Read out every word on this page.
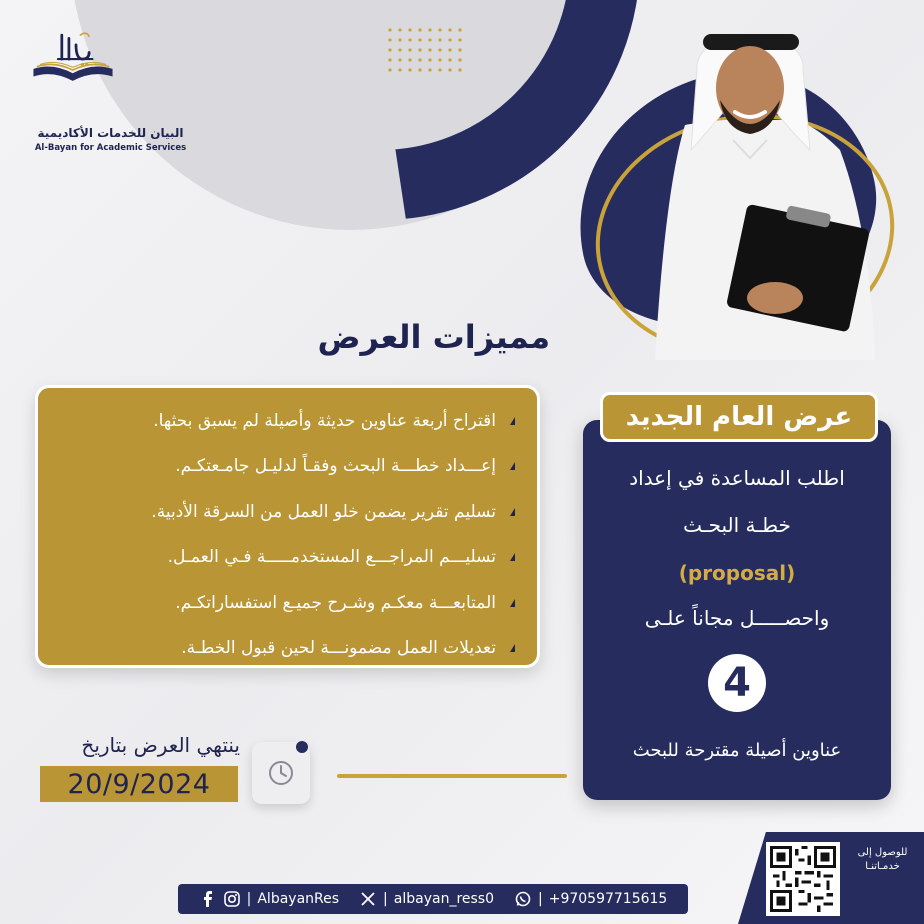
البيان للخدمات الأكاديمية
Al-Bayan for Academic Services
مميزات العرض
اقتراح أربعة عناوين حديثة وأصيلة لم يسبق بحثها.
إعـــداد خطـــة البحث وفقـاً لدليـل جامـعتكـم.
تسليم تقرير يضمن خلو العمل من السرقة الأدبية.
تسليـــم المراجـــع المستخدمـــــة فـي العمـل.
المتابعـــة معكـم وشـرح جميـع استفساراتكـم.
تعديلات العمل مضمونـــة لحين قبول الخطـة.
عرض العام الجديد
اطلب المساعدة في إعداد
خطـة البحـث
(proposal)
واحصـــــل مجاناً علـى
4
عناوين أصيلة مقترحة للبحث
ينتهي العرض بتاريخ
20/9/2024
| AlbayanRes	| albayan_ress0	| +970597715615
للوصول إلى خدمـاتنـا
